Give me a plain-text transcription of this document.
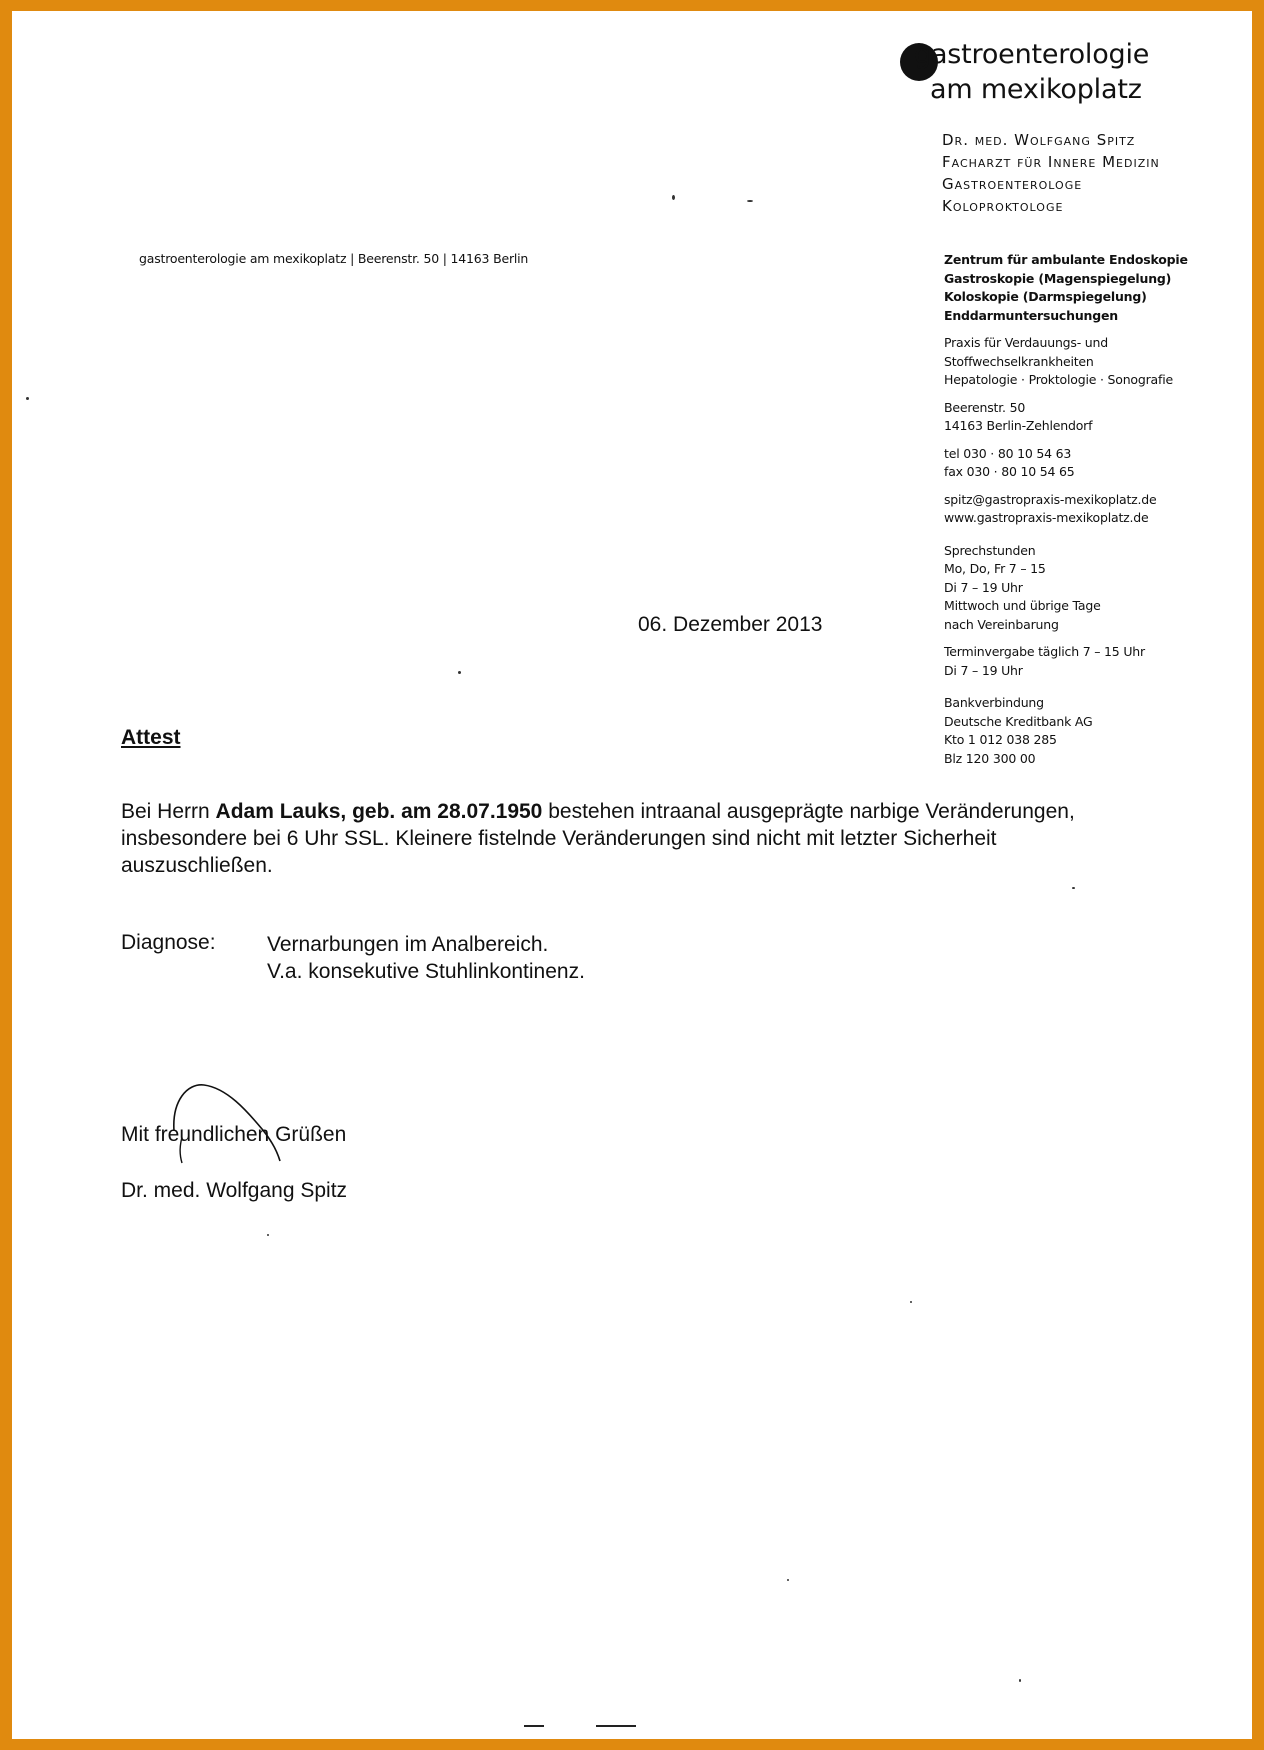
gastroenterologie
am mexikoplatz
Dr. med. Wolfgang Spitz
Facharzt für Innere Medizin
Gastroenterologe
Koloproktologe
gastroenterologie am mexikoplatz | Beerenstr. 50 | 14163 Berlin	Zentrum für ambulante Endoskopie
Gastroskopie (Magenspiegelung)
Koloskopie (Darmspiegelung)
Enddarmuntersuchungen
Praxis für Verdauungs- und
Stoffwechselkrankheiten
Hepatologie · Proktologie · Sonografie
Beerenstr. 50
14163 Berlin-Zehlendorf
tel 030 · 80 10 54 63
fax 030 · 80 10 54 65
spitz@gastropraxis-mexikoplatz.de
www.gastropraxis-mexikoplatz.de
Sprechstunden
Mo, Do, Fr 7 – 15
Di 7 – 19 Uhr
Mittwoch und übrige Tage
nach Vereinbarung
Terminvergabe täglich 7 – 15 Uhr
Di 7 – 19 Uhr
Bankverbindung
Deutsche Kreditbank AG
Kto 1 012 038 285
Blz 120 300 00
06. Dezember 2013
Attest
Bei Herrn Adam Lauks, geb. am 28.07.1950 bestehen intraanal ausgeprägte narbige Veränderungen, insbesondere bei 6 Uhr SSL. Kleinere fistelnde Veränderungen sind nicht mit letzter Sicherheit auszuschließen.
Diagnose: Vernarbungen im Analbereich.
V.a. konsekutive Stuhlinkontinenz.
Mit freundlichen Grüßen
Dr. med. Wolfgang Spitz
